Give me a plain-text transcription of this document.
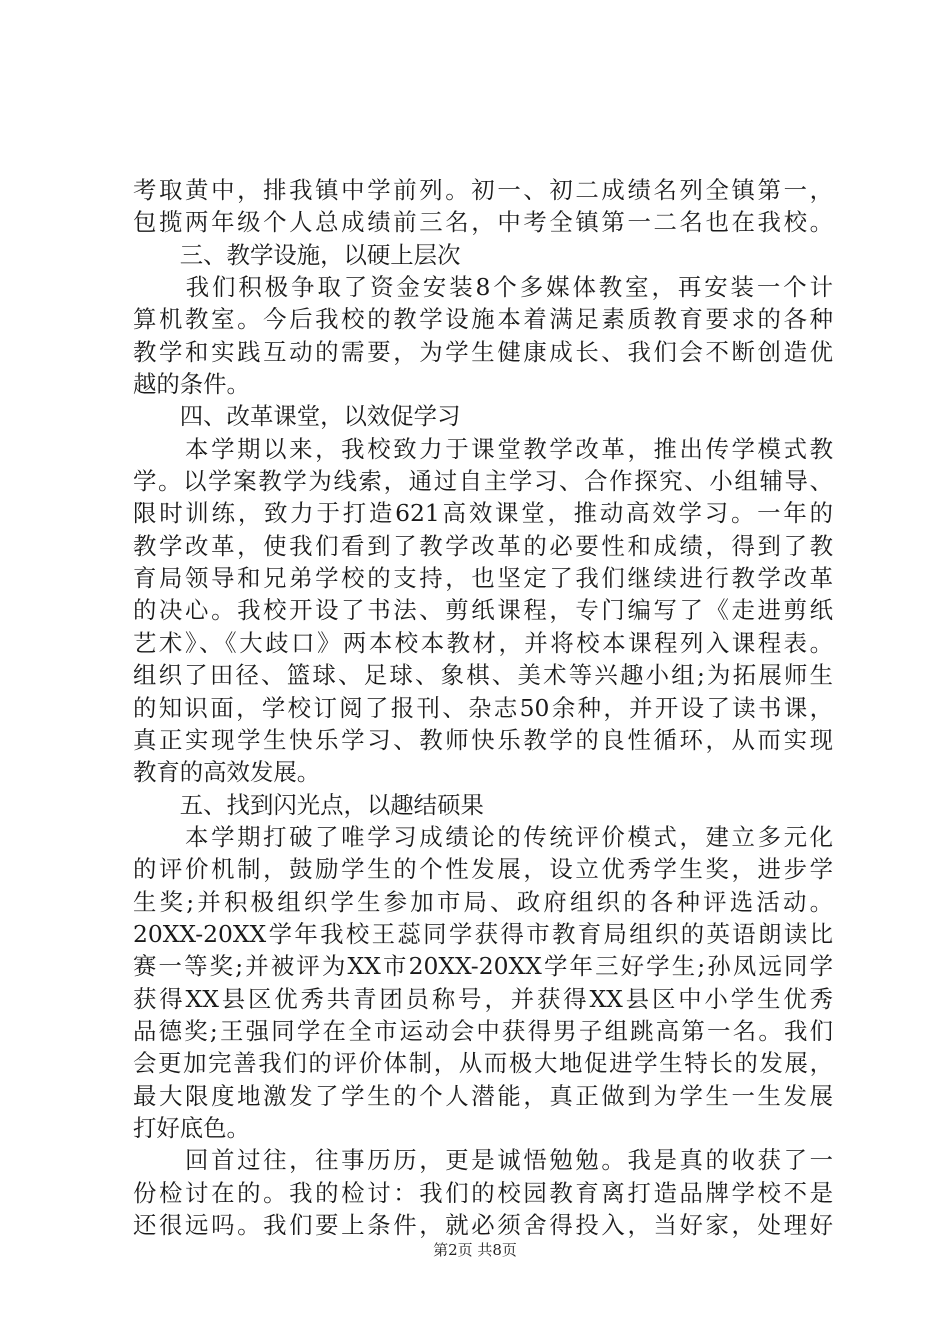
考取黄中，排我镇中学前列。初一、初二成绩名列全镇第一，
包揽两年级个人总成绩前三名，中考全镇第一二名也在我校。
　　三、教学设施，以硬上层次
　　我们积极争取了资金安装8个多媒体教室，再安装一个计
算机教室。今后我校的教学设施本着满足素质教育要求的各种
教学和实践互动的需要，为学生健康成长、我们会不断创造优
越的条件。
　　四、改革课堂，以效促学习
　　本学期以来，我校致力于课堂教学改革，推出传学模式教
学。以学案教学为线索，通过自主学习、合作探究、小组辅导、
限时训练，致力于打造621高效课堂，推动高效学习。一年的
教学改革，使我们看到了教学改革的必要性和成绩，得到了教
育局领导和兄弟学校的支持，也坚定了我们继续进行教学改革
的决心。我校开设了书法、剪纸课程，专门编写了《走进剪纸
艺术》、《大歧口》两本校本教材，并将校本课程列入课程表。
组织了田径、篮球、足球、象棋、美术等兴趣小组;为拓展师生
的知识面，学校订阅了报刊、杂志50余种，并开设了读书课，
真正实现学生快乐学习、教师快乐教学的良性循环，从而实现
教育的高效发展。
　　五、找到闪光点，以趣结硕果
　　本学期打破了唯学习成绩论的传统评价模式，建立多元化
的评价机制，鼓励学生的个性发展，设立优秀学生奖，进步学
生奖;并积极组织学生参加市局、政府组织的各种评选活动。
20XX-20XX学年我校王蕊同学获得市教育局组织的英语朗读比
赛一等奖;并被评为XX市20XX-20XX学年三好学生;孙凤远同学
获得XX县区优秀共青团员称号，并获得XX县区中小学生优秀
品德奖;王强同学在全市运动会中获得男子组跳高第一名。我们
会更加完善我们的评价体制，从而极大地促进学生特长的发展，
最大限度地激发了学生的个人潜能，真正做到为学生一生发展
打好底色。
　　回首过往，往事历历，更是诚悟勉勉。我是真的收获了一
份检讨在的。我的检讨：我们的校园教育离打造品牌学校不是
还很远吗。我们要上条件，就必须舍得投入，当好家，处理好
第2页 共8页
